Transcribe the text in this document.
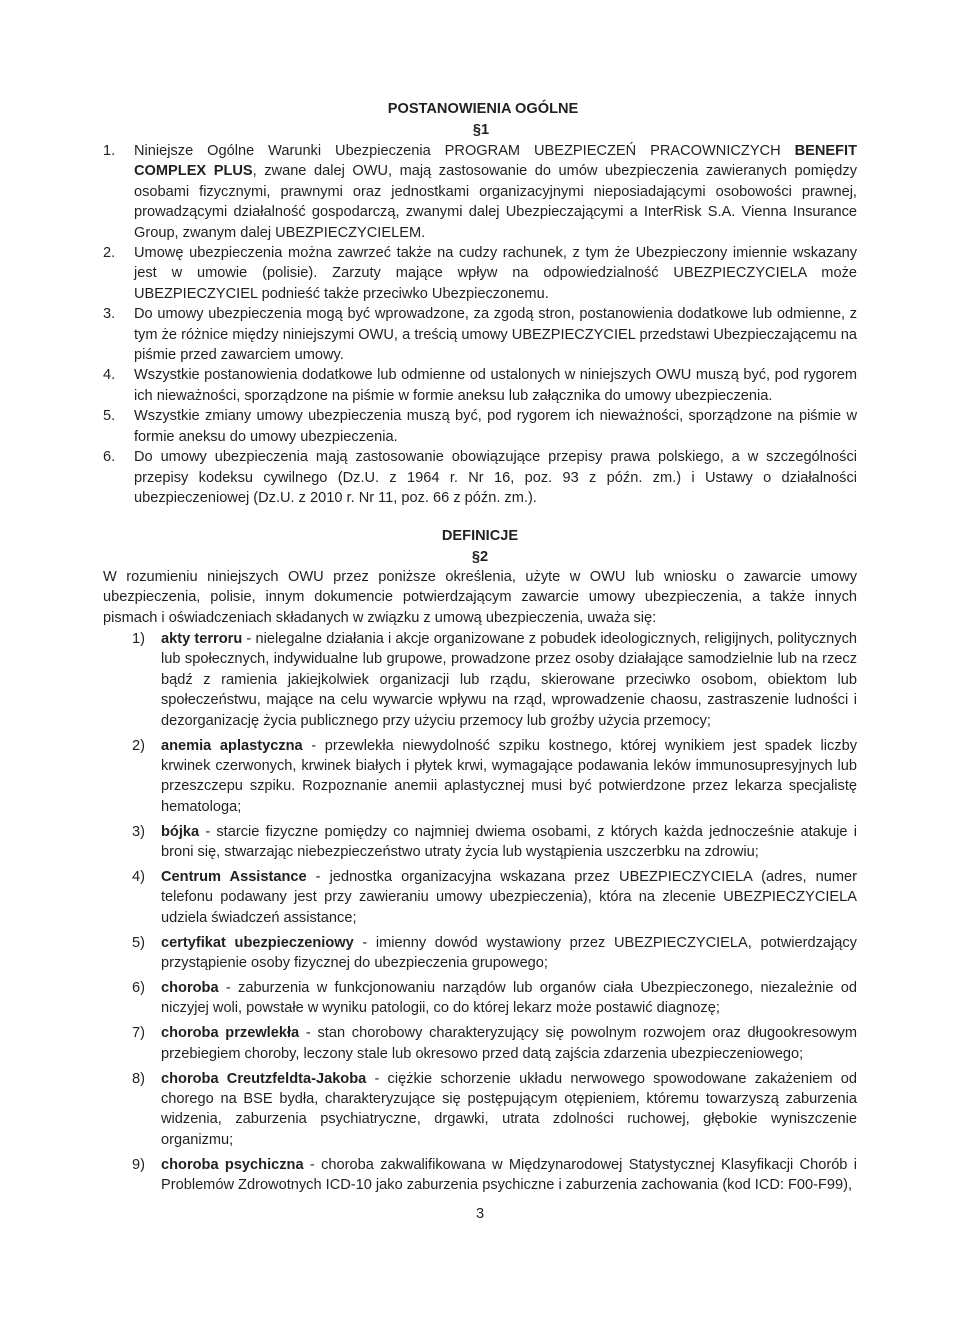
POSTANOWIENIA OGÓLNE
§1
1. Niniejsze Ogólne Warunki Ubezpieczenia PROGRAM UBEZPIECZEŃ PRACOWNICZYCH BENEFIT COMPLEX PLUS, zwane dalej OWU, mają zastosowanie do umów ubezpieczenia zawieranych pomiędzy osobami fizycznymi, prawnymi oraz jednostkami organizacyjnymi nieposiadającymi osobowości prawnej, prowadzącymi działalność gospodarczą, zwanymi dalej Ubezpieczającymi a InterRisk S.A. Vienna Insurance Group, zwanym dalej UBEZPIECZYCIELEM.
2. Umowę ubezpieczenia można zawrzeć także na cudzy rachunek, z tym że Ubezpieczony imiennie wskazany jest w umowie (polisie). Zarzuty mające wpływ na odpowiedzialność UBEZPIECZYCIELA może UBEZPIECZYCIEL podnieść także przeciwko Ubezpieczonemu.
3. Do umowy ubezpieczenia mogą być wprowadzone, za zgodą stron, postanowienia dodatkowe lub odmienne, z tym że różnice między niniejszymi OWU, a treścią umowy UBEZPIECZYCIEL przedstawi Ubezpieczającemu na piśmie przed zawarciem umowy.
4. Wszystkie postanowienia dodatkowe lub odmienne od ustalonych w niniejszych OWU muszą być, pod rygorem ich nieważności, sporządzone na piśmie w formie aneksu lub załącznika do umowy ubezpieczenia.
5. Wszystkie zmiany umowy ubezpieczenia muszą być, pod rygorem ich nieważności, sporządzone na piśmie w formie aneksu do umowy ubezpieczenia.
6. Do umowy ubezpieczenia mają zastosowanie obowiązujące przepisy prawa polskiego, a w szczególności przepisy kodeksu cywilnego (Dz.U. z 1964 r. Nr 16, poz. 93 z późn. zm.) i Ustawy o działalności ubezpieczeniowej (Dz.U. z 2010 r. Nr 11, poz. 66 z późn. zm.).
DEFINICJE
§2
W rozumieniu niniejszych OWU przez poniższe określenia, użyte w OWU lub wniosku o zawarcie umowy ubezpieczenia, polisie, innym dokumencie potwierdzającym zawarcie umowy ubezpieczenia, a także innych pismach i oświadczeniach składanych w związku z umową ubezpieczenia, uważa się:
1) akty terroru - nielegalne działania i akcje organizowane z pobudek ideologicznych, religijnych, politycznych lub społecznych, indywidualne lub grupowe, prowadzone przez osoby działające samodzielnie lub na rzecz bądź z ramienia jakiejkolwiek organizacji lub rządu, skierowane przeciwko osobom, obiektom lub społeczeństwu, mające na celu wywarcie wpływu na rząd, wprowadzenie chaosu, zastraszenie ludności i dezorganizację życia publicznego przy użyciu przemocy lub groźby użycia przemocy;
2) anemia aplastyczna - przewlekła niewydolność szpiku kostnego, której wynikiem jest spadek liczby krwinek czerwonych, krwinek białych i płytek krwi, wymagające podawania leków immunosupresyjnych lub przeszczepu szpiku. Rozpoznanie anemii aplastycznej musi być potwierdzone przez lekarza specjalistę hematologa;
3) bójka - starcie fizyczne pomiędzy co najmniej dwiema osobami, z których każda jednocześnie atakuje i broni się, stwarzając niebezpieczeństwo utraty życia lub wystąpienia uszczerbku na zdrowiu;
4) Centrum Assistance - jednostka organizacyjna wskazana przez UBEZPIECZYCIELA (adres, numer telefonu podawany jest przy zawieraniu umowy ubezpieczenia), która na zlecenie UBEZPIECZYCIELA udziela świadczeń assistance;
5) certyfikat ubezpieczeniowy - imienny dowód wystawiony przez UBEZPIECZYCIELA, potwierdzający przystąpienie osoby fizycznej do ubezpieczenia grupowego;
6) choroba - zaburzenia w funkcjonowaniu narządów lub organów ciała Ubezpieczonego, niezależnie od niczyjej woli, powstałe w wyniku patologii, co do której lekarz może postawić diagnozę;
7) choroba przewlekła - stan chorobowy charakteryzujący się powolnym rozwojem oraz długookresowym przebiegiem choroby, leczony stale lub okresowo przed datą zajścia zdarzenia ubezpieczeniowego;
8) choroba Creutzfeldta-Jakoba - ciężkie schorzenie układu nerwowego spowodowane zakażeniem od chorego na BSE bydła, charakteryzujące się postępującym otępieniem, któremu towarzyszą zaburzenia widzenia, zaburzenia psychiatryczne, drgawki, utrata zdolności ruchowej, głębokie wyniszczenie organizmu;
9) choroba psychiczna - choroba zakwalifikowana w Międzynarodowej Statystycznej Klasyfikacji Chorób i Problemów Zdrowotnych ICD-10 jako zaburzenia psychiczne i zaburzenia zachowania (kod ICD: F00-F99),
3
